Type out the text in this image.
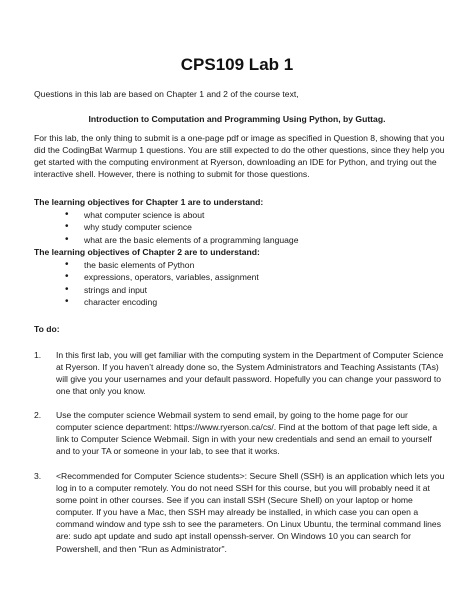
CPS109 Lab 1
Questions in this lab are based on Chapter 1 and 2 of the course text,
Introduction to Computation and Programming Using Python, by Guttag.
For this lab, the only thing to submit is a one-page pdf or image as specified in Question 8, showing that you did the CodingBat Warmup 1 questions. You are still expected to do the other questions, since they help you get started with the computing environment at Ryerson, downloading an IDE for Python, and trying out the interactive shell. However, there is nothing to submit for those questions.
The learning objectives for Chapter 1 are to understand:
• what computer science is about
• why study computer science
• what are the basic elements of a programming language
The learning objectives of Chapter 2 are to understand:
• the basic elements of Python
• expressions, operators, variables, assignment
• strings and input
• character encoding
To do:
1. In this first lab, you will get familiar with the computing system in the Department of Computer Science at Ryerson. If you haven’t already done so, the System Administrators and Teaching Assistants (TAs) will give you your usernames and your default password. Hopefully you can change your password to one that only you know.
2. Use the computer science Webmail system to send email, by going to the home page for our computer science department: https://www.ryerson.ca/cs/. Find at the bottom of that page left side, a link to Computer Science Webmail. Sign in with your new credentials and send an email to yourself and to your TA or someone in your lab, to see that it works.
3. <Recommended for Computer Science students>: Secure Shell (SSH) is an application which lets you log in to a computer remotely. You do not need SSH for this course, but you will probably need it at some point in other courses. See if you can install SSH (Secure Shell) on your laptop or home computer. If you have a Mac, then SSH may already be installed, in which case you can open a command window and type ssh to see the parameters. On Linux Ubuntu, the terminal command lines are: sudo apt update and sudo apt install openssh-server. On Windows 10 you can search for Powershell, and then "Run as Administrator".
